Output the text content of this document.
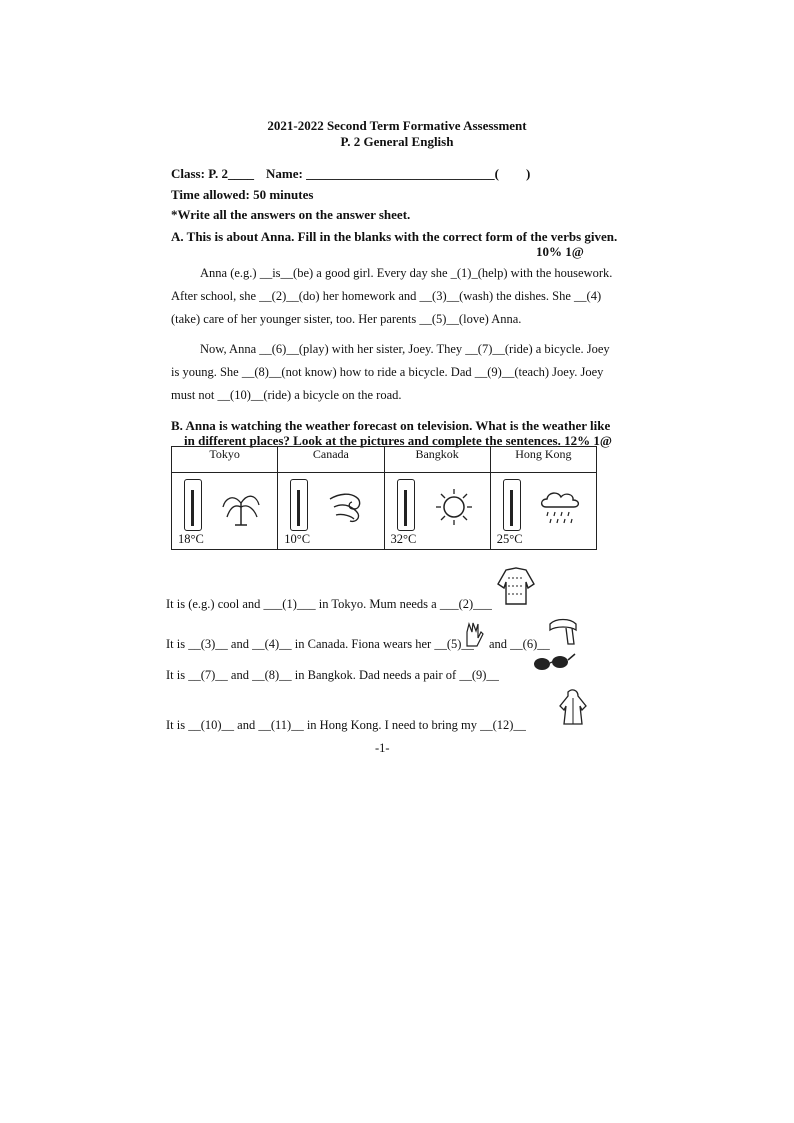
2021-2022 Second Term Formative Assessment
P. 2 General English
Class: P. 2____ Name: _____________________________( )
Time allowed: 50 minutes
*Write all the answers on the answer sheet.
A. This is about Anna. Fill in the blanks with the correct form of the verbs given.
10% 1@
Anna (e.g.) __is__(be) a good girl. Every day she _(1)_(help) with the housework.
After school, she __(2)__(do) her homework and __(3)__(wash) the dishes. She __(4)
(take) care of her younger sister, too. Her parents __(5)__(love) Anna.
Now, Anna __(6)__(play) with her sister, Joey. They __(7)__(ride) a bicycle. Joey
is young. She __(8)__(not know) how to ride a bicycle. Dad __(9)__(teach) Joey. Joey
must not __(10)__(ride) a bicycle on the road.
B. Anna is watching the weather forecast on television. What is the weather like
in different places? Look at the pictures and complete the sentences. 12% 1@
Tokyo	Canada	Bangkok	Hong Kong

18°C	10°C	32°C	25°C
It is (e.g.) cool and ___(1)___ in Tokyo. Mum needs a ___(2)___
It is __(3)__ and __(4)__ in Canada. Fiona wears her __(5)__ and __(6)__
It is __(7)__ and __(8)__ in Bangkok. Dad needs a pair of __(9)__
It is __(10)__ and __(11)__ in Hong Kong. I need to bring my __(12)__
-1-
